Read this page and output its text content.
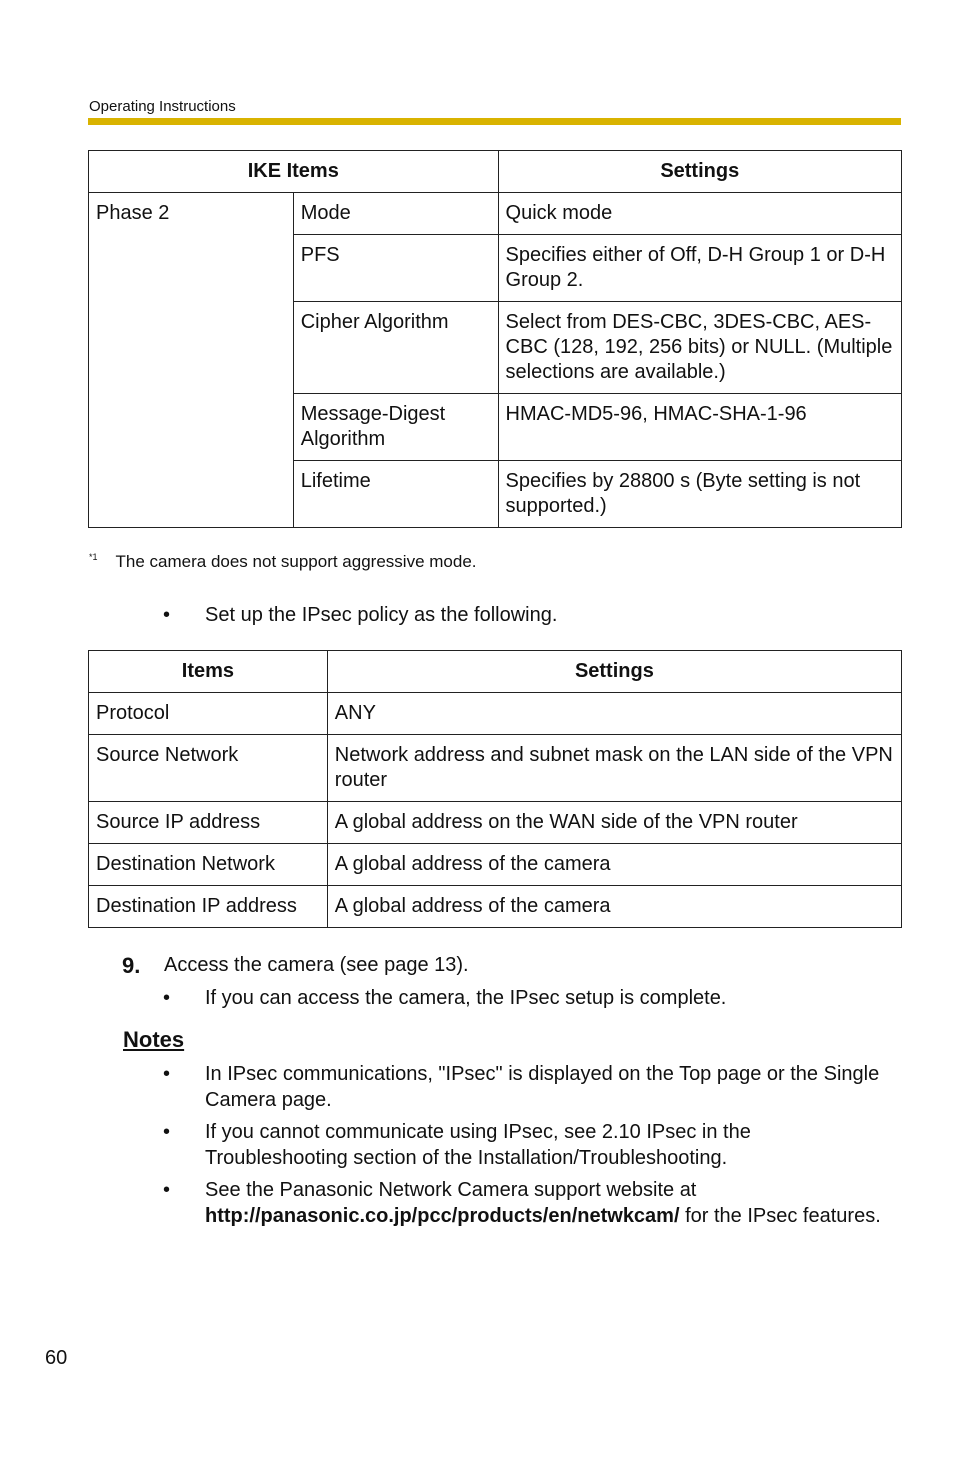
Operating Instructions
IKE Items		Settings
Phase 2	Mode	Quick mode
	PFS	Specifies either of Off, D-H Group 1 or D-H Group 2.
	Cipher Algorithm	Select from DES-CBC, 3DES-CBC, AES-CBC (128, 192, 256 bits) or NULL. (Multiple selections are available.)
	Message-Digest Algorithm	HMAC-MD5-96, HMAC-SHA-1-96
	Lifetime	Specifies by 28800 s (Byte setting is not supported.)
$^{*1}$ The camera does not support aggressive mode.
• Set up the IPsec policy as the following.
Items	Settings
Protocol	ANY
Source Network	Network address and subnet mask on the LAN side of the VPN router
Source IP address	A global address on the WAN side of the VPN router
Destination Network	A global address of the camera
Destination IP address	A global address of the camera
9. Access the camera (see page 13).
• If you can access the camera, the IPsec setup is complete.
Notes
• In IPsec communications, "IPsec" is displayed on the Top page or the Single Camera page.
• If you cannot communicate using IPsec, see 2.10 IPsec in the Troubleshooting section of the Installation/Troubleshooting.
• See the Panasonic Network Camera support website at
http://panasonic.co.jp/pcc/products/en/netwkcam/ for the IPsec features.
60
